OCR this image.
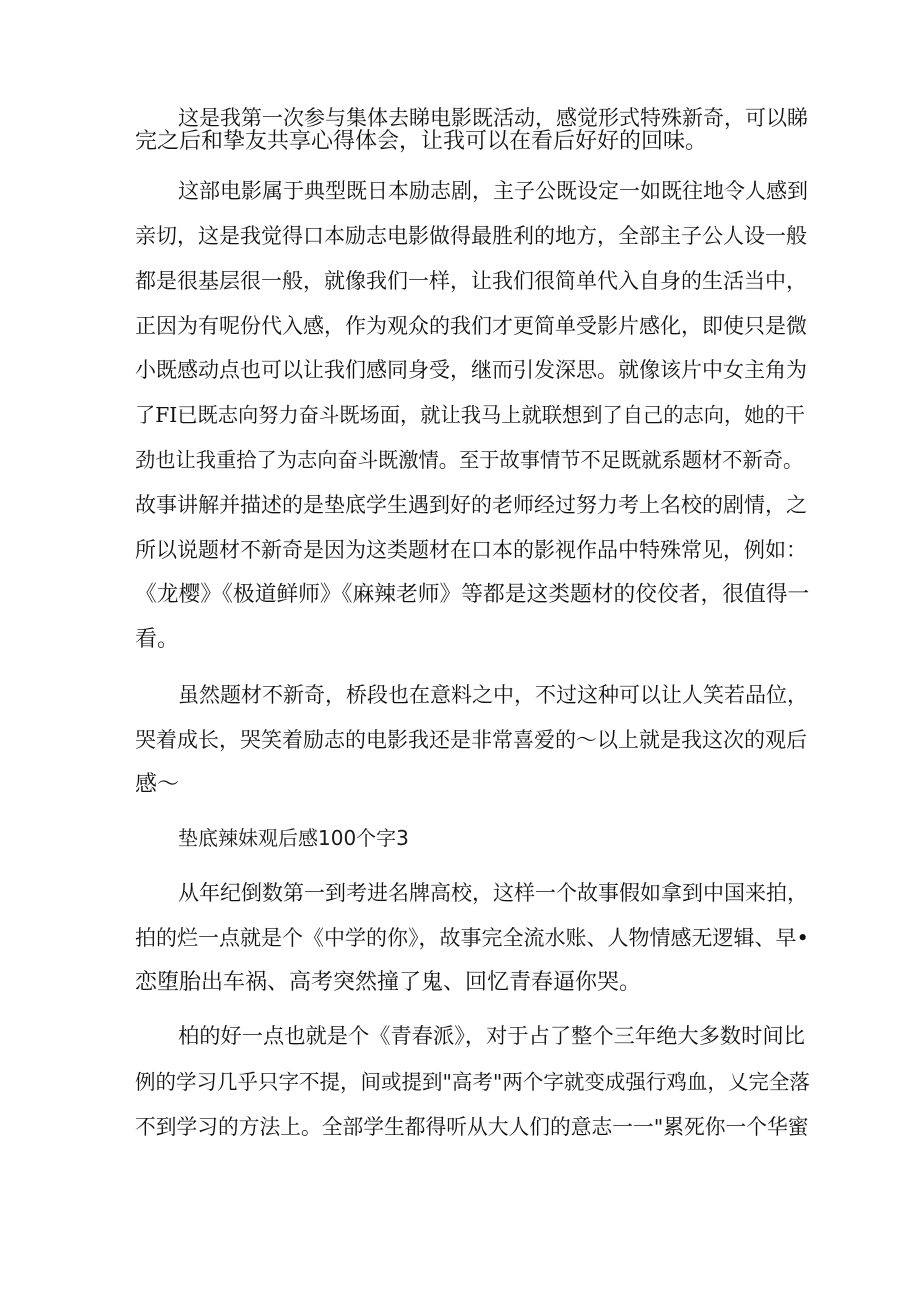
这是我第一次参与集体去睇电影既活动，感觉形式特殊新奇，可以睇
完之后和挚友共享心得体会，让我可以在看后好好的回味。
这部电影属于典型既日本励志剧，主子公既设定一如既往地令人感到
亲切，这是我觉得口本励志电影做得最胜利的地方，全部主子公人设一般
都是很基层很一般，就像我们一样，让我们很简单代入自身的生活当中，
正因为有呢份代入感，作为观众的我们才更简单受影片感化，即使只是微
小既感动点也可以让我们感同身受，继而引发深思。就像该片中女主角为
了FI已既志向努力奋斗既场面，就让我马上就联想到了自己的志向，她的干
劲也让我重拾了为志向奋斗既激情。至于故事情节不足既就系题材不新奇。
故事讲解并描述的是垫底学生遇到好的老师经过努力考上名校的剧情，之
所以说题材不新奇是因为这类题材在口本的影视作品中特殊常见，例如：
《龙樱》《极道鲜师》《麻辣老师》等都是这类题材的佼佼者，很值得一
看。
虽然题材不新奇，桥段也在意料之中，不过这种可以让人笑若品位，
哭着成长，哭笑着励志的电影我还是非常喜爱的〜以上就是我这次的观后
感〜
垫底辣妹观后感100个字3
从年纪倒数第一到考进名牌高校，这样一个故事假如拿到中国来拍，
拍的烂一点就是个《中学的你》，故事完全流水账、人物情感无逻辑、早•
恋堕胎出车祸、高考突然撞了鬼、回忆青春逼你哭。
柏的好一点也就是个《青春派》，对于占了整个三年绝大多数时间比
例的学习几乎只字不提，间或提到"高考"两个字就变成强行鸡血，乂完全落
不到学习的方法上。全部学生都得听从大人们的意志一一"累死你一个华蜜
